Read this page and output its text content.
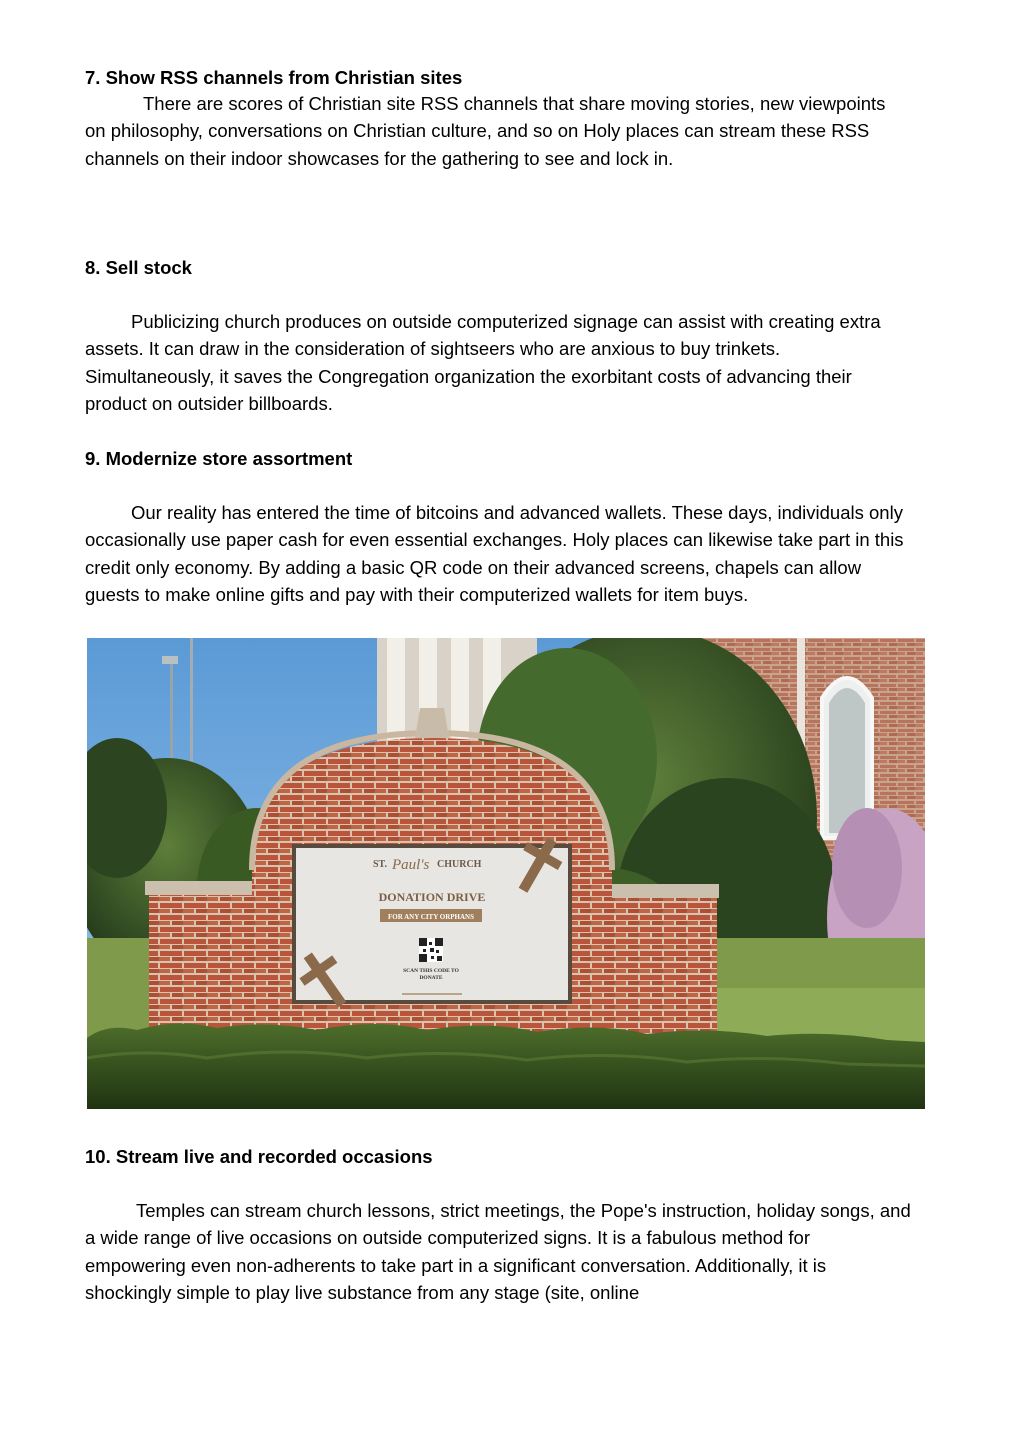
7. Show RSS channels from Christian sites

There are scores of Christian site RSS channels that share moving stories, new viewpoints on philosophy, conversations on Christian culture, and so on Holy places can stream these RSS channels on their indoor showcases for the gathering to see and lock in.

8. Sell stock

Publicizing church produces on outside computerized signage can assist with creating extra assets. It can draw in the consideration of sightseers who are anxious to buy trinkets. Simultaneously, it saves the Congregation organization the exorbitant costs of advancing their product on outsider billboards.

9. Modernize store assortment

Our reality has entered the time of bitcoins and advanced wallets. These days, individuals only occasionally use paper cash for even essential exchanges. Holy places can likewise take part in this credit only economy. By adding a basic QR code on their advanced screens, chapels can allow guests to make online gifts and pay with their computerized wallets for item buys.

ST. Paul's CHURCH
DONATION DRIVE
FOR ANY CITY ORPHANS
SCAN THIS CODE TO
DONATE

10. Stream live and recorded occasions

Temples can stream church lessons, strict meetings, the Pope's instruction, holiday songs, and a wide range of live occasions on outside computerized signs. It is a fabulous method for empowering even non-adherents to take part in a significant conversation. Additionally, it is shockingly simple to play live substance from any stage (site, online
